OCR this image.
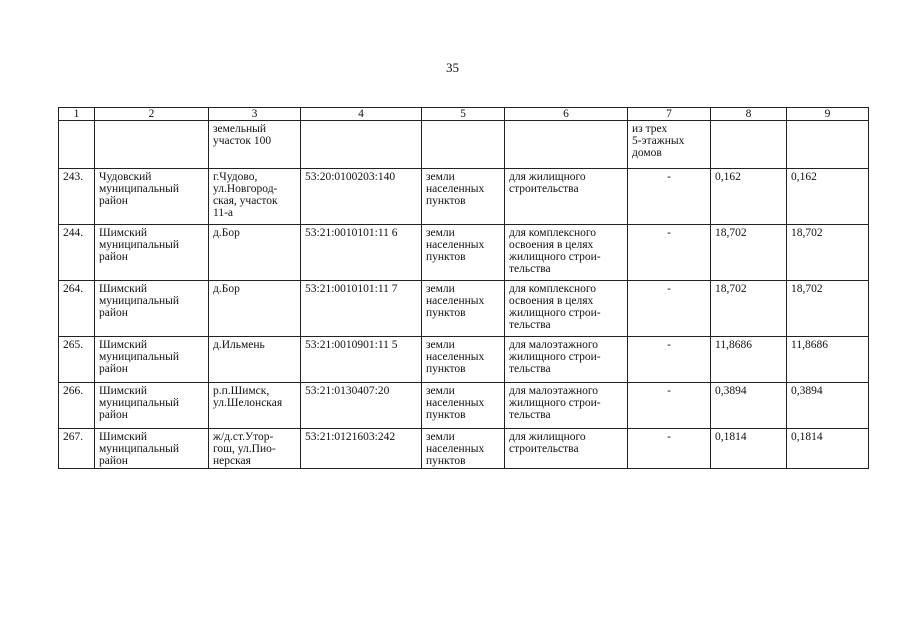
35
1	2	3	4	5	6	7	8	9
		земельный
участок 100				из трех
5-этажных
домов		
243.	Чудовский
муниципальный
район	г.Чудово,
ул.Новгород-
ская, участок
11-а	53:20:0100203:140	земли
населенных
пунктов	для жилищного
строительства	-	0,162	0,162
244.	Шимский
муниципальный
район	д.Бор	53:21:0010101:11 6	земли
населенных
пунктов	для комплексного
освоения в целях
жилищного строи-
тельства	-	18,702	18,702
264.	Шимский
муниципальный
район	д.Бор	53:21:0010101:11 7	земли
населенных
пунктов	для комплексного
освоения в целях
жилищного строи-
тельства	-	18,702	18,702
265.	Шимский
муниципальный
район	д.Ильмень	53:21:0010901:11 5	земли
населенных
пунктов	для малоэтажного
жилищного строи-
тельства	-	11,8686	11,8686
266.	Шимский
муниципальный
район	р.п.Шимск,
ул.Шелонская	53:21:0130407:20	земли
населенных
пунктов	для малоэтажного
жилищного строи-
тельства	-	0,3894	0,3894
267.	Шимский
муниципальный
район	ж/д.ст.Утор-
гош, ул.Пио-
нерская	53:21:0121603:242	земли
населенных
пунктов	для жилищного
строительства	-	0,1814	0,1814
